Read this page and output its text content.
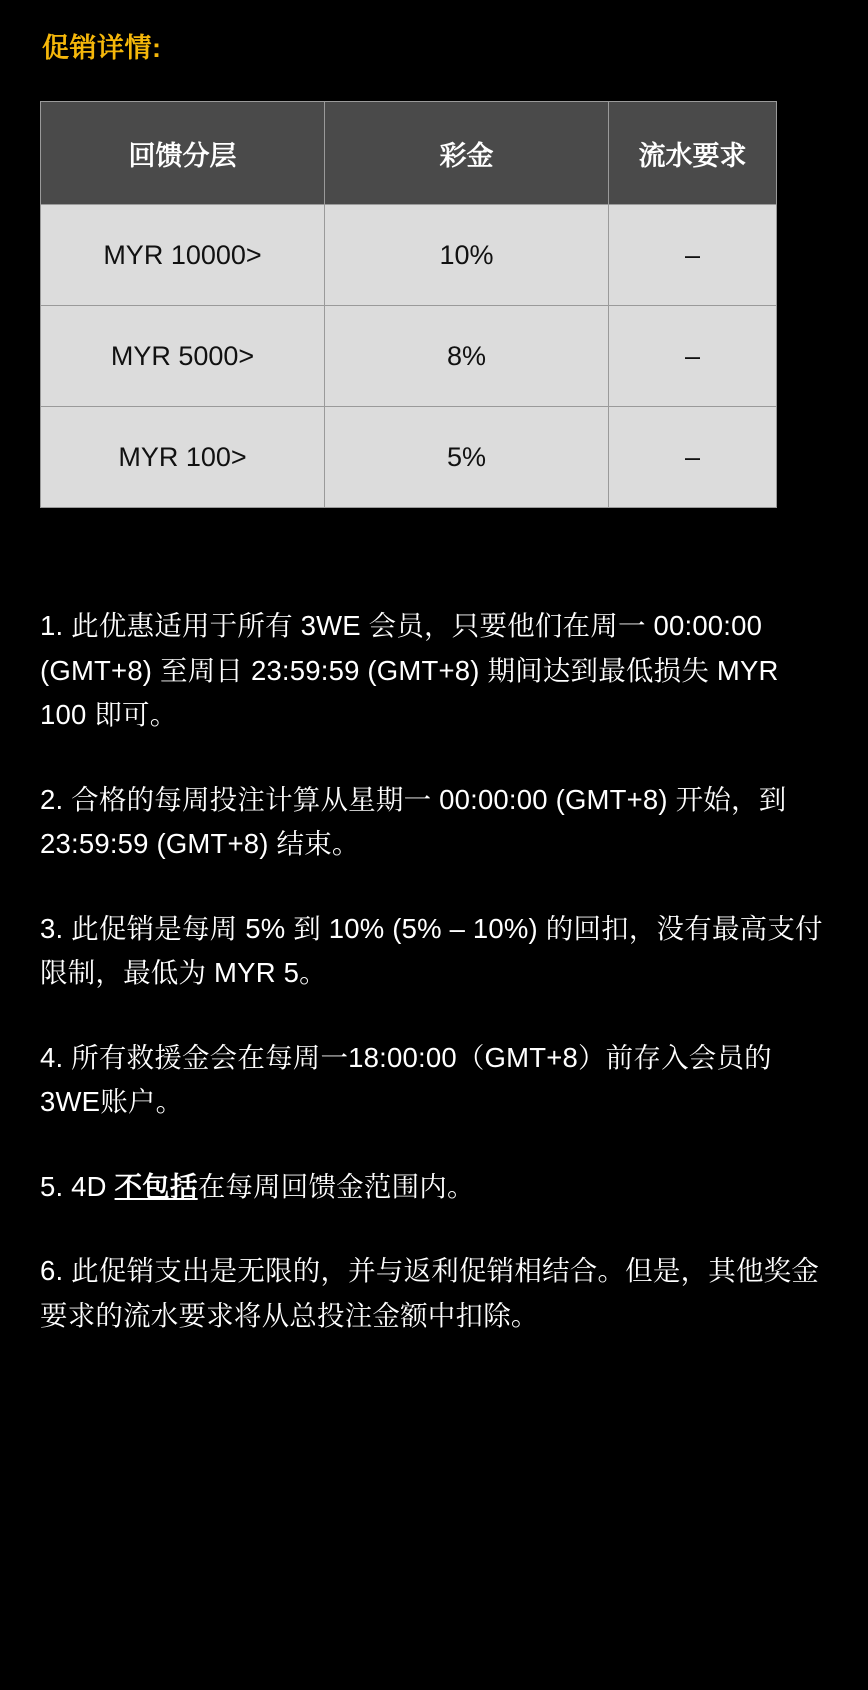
促销详情:
回馈分层	彩金	流水要求
MYR 10000>	10%	–
MYR 5000>	8%	–
MYR 100>	5%	–

1. 此优惠适用于所有 3WE 会员，只要他们在周一 00:00:00 (GMT+8) 至周日 23:59:59 (GMT+8) 期间达到最低损失 MYR 100 即可。

2. 合格的每周投注计算从星期一 00:00:00 (GMT+8) 开始，到 23:59:59 (GMT+8) 结束。

3. 此促销是每周 5% 到 10% (5% – 10%) 的回扣，没有最高支付限制，最低为 MYR 5。

4. 所有救援金会在每周一18:00:00（GMT+8）前存入会员的3WE账户。

5. 4D 不包括在每周回馈金范围内。

6. 此促销支出是无限的，并与返利促销相结合。但是，其他奖金要求的流水要求将从总投注金额中扣除。
